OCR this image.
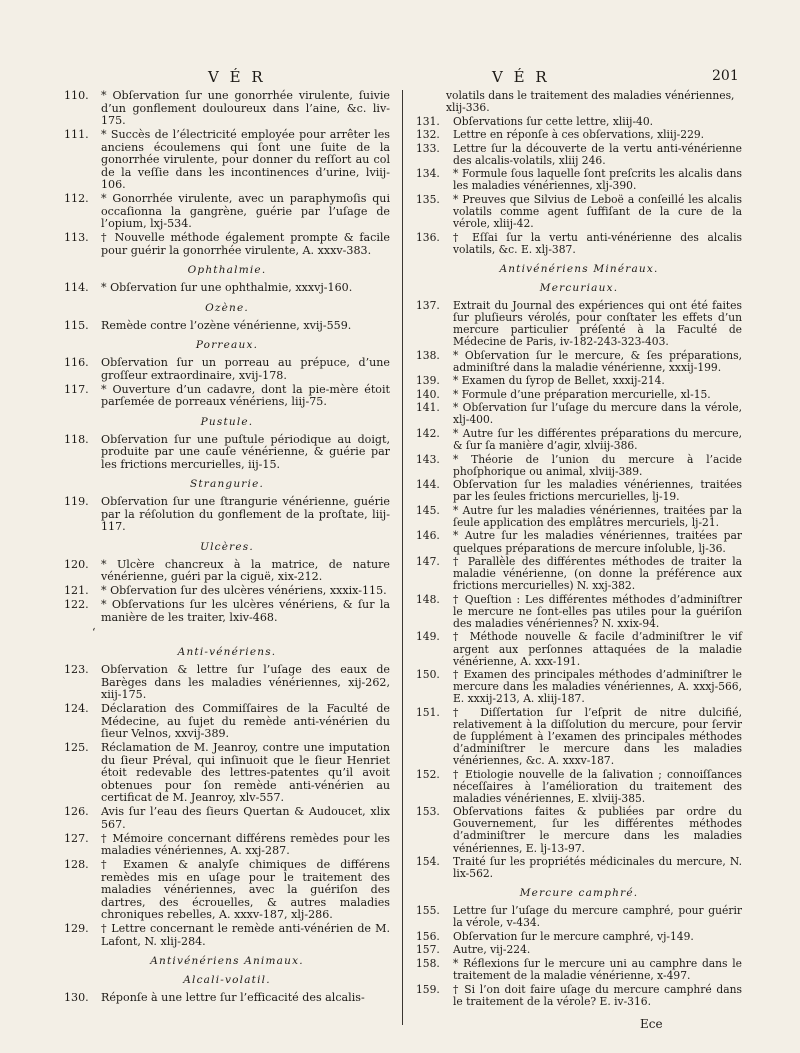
V É R	V É R	201
110. * Obſervation ſur une gonorrhée virulente, ſuivie d’un gonflement douloureux dans l’aine, &c. liv-175.
111. * Succès de l’électricité employée pour arrêter les anciens écoulemens qui ſont une ſuite de la gonorrhée virulente, pour donner du reſſort au col de la veſſie dans les incontinences d’urine, lviij-106.
112. * Gonorrhée virulente, avec un paraphymoſis qui occaſionna la gangrène, guérie par l’uſage de l’opium, lxj-534.
113. † Nouvelle méthode également prompte & facile pour guérir la gonorrhée virulente, A. xxxv-383.
Ophthalmie.
114. * Obſervation ſur une ophthalmie, xxxvj-160.
Ozène.
115. Remède contre l’ozène vénérienne, xvij-559.
Porreaux.
116. Obſervation ſur un porreau au prépuce, d’une groſſeur extraordinaire, xvij-178.
117. * Ouverture d’un cadavre, dont la pie-mère étoit parſemée de porreaux vénériens, liij-75.
Pustule.
118. Obſervation ſur une puſtule périodique au doigt, produite par une cauſe vénérienne, & guérie par les frictions mercurielles, iij-15.
Strangurie.
119. Obſervation ſur une ſtrangurie vénérienne, guérie par la réſolution du gonflement de la proſtate, liij-117.
Ulcères.
120. * Ulcère chancreux à la matrice, de nature vénérienne, guéri par la ciguë, xix-212.
121. * Obſervation ſur des ulcères vénériens, xxxix-115.
122. * Obſervations ſur les ulcères vénériens, & ſur la manière de les traiter, lxiv-468.
‘
Anti-vénériens.
123. Obſervation & lettre ſur l’uſage des eaux de Barèges dans les maladies vénériennes, xij-262, xiij-175.
124. Déclaration des Commiſſaires de la Faculté de Médecine, au ſujet du remède anti-vénérien du ſieur Velnos, xxvij-389.
125. Réclamation de M. Jeanroy, contre une imputation du ſieur Préval, qui inſinuoit que le ſieur Henriet étoit redevable des lettres-patentes qu’il avoit obtenues pour ſon remède anti-vénérien au certificat de M. Jeanroy, xlv-557.
126. Avis ſur l’eau des ſieurs Quertan & Audoucet, xlix 567.
127. † Mémoire concernant différens remèdes pour les maladies vénériennes, A. xxj-287.
128. † Examen & analyſe chimiques de différens remèdes mis en uſage pour le traitement des maladies vénériennes, avec la guériſon des dartres, des écrouelles, & autres maladies chroniques rebelles, A. xxxv-187, xlj-286.
129. † Lettre concernant le remède anti-vénérien de M. Lafont, N. xlij-284.
Antivénériens Animaux.
Alcali-volatil.
130. Réponſe à une lettre ſur l’efficacité des alcalis-
volatils dans le traitement des maladies vénériennes, xlij-336.
131. Obſervations ſur cette lettre, xliij-40.
132. Lettre en réponſe à ces obſervations, xliij-229.
133. Lettre ſur la découverte de la vertu anti-vénérienne des alcalis-volatils, xliij 246.
134. * Formule ſous laquelle ſont preſcrits les alcalis dans les maladies vénériennes, xlj-390.
135. * Preuves que Silvius de Leboë a conſeillé les alcalis volatils comme agent ſuffiſant de la cure de la vérole, xliij-42.
136. † Eſſai ſur la vertu anti-vénérienne des alcalis volatils, &c. E. xlj-387.
Antivénériens Minéraux.
Mercuriaux.
137. Extrait du Journal des expériences qui ont été faites ſur pluſieurs vérolés, pour conſtater les effets d’un mercure particulier préſenté à la Faculté de Médecine de Paris, iv-182-243-323-403.
138. * Obſervation ſur le mercure, & ſes préparations, adminiſtré dans la maladie vénérienne, xxxij-199.
139. * Examen du ſyrop de Bellet, xxxij-214.
140. * Formule d’une préparation mercurielle, xl-15.
141. * Obſervation ſur l’uſage du mercure dans la vérole, xlj-400.
142. * Autre ſur les différentes préparations du mercure, & ſur ſa manière d’agir, xlviij-386.
143. * Théorie de l’union du mercure à l’acide phoſphorique ou animal, xlviij-389.
144. Obſervation ſur les maladies vénériennes, traitées par les ſeules frictions mercurielles, lj-19.
145. * Autre ſur les maladies vénériennes, traitées par la ſeule application des emplâtres mercuriels, lj-21.
146. * Autre ſur les maladies vénériennes, traitées par quelques préparations de mercure inſoluble, lj-36.
147. † Parallèle des différentes méthodes de traiter la maladie vénérienne, (on donne la préférence aux frictions mercurielles) N. xxj-382.
148. † Queſtion : Les différentes méthodes d’adminiſtrer le mercure ne ſont-elles pas utiles pour la guériſon des maladies vénériennes? N. xxix-94.
149. † Méthode nouvelle & facile d’adminiſtrer le vif argent aux perſonnes attaquées de la maladie vénérienne, A. xxx-191.
150. † Examen des principales méthodes d’adminiſtrer le mercure dans les maladies vénériennes, A. xxxj-566, E. xxxij-213, A. xliij-187.
151. † Diſſertation ſur l’eſprit de nitre dulcifié, relativement à la diſſolution du mercure, pour ſervir de ſupplément à l’examen des principales méthodes d’adminiſtrer le mercure dans les maladies vénériennes, &c. A. xxxv-187.
152. † Etiologie nouvelle de la ſalivation ; connoiſſances néceſſaires à l’amélioration du traitement des maladies vénériennes, E. xlviij-385.
153. Obſervations faites & publiées par ordre du Gouvernement, ſur les différentes méthodes d’adminiſtrer le mercure dans les maladies vénériennes, E. lj-13-97.
154. Traité ſur les propriétés médicinales du mercure, N. lix-562.
Mercure camphré.
155. Lettre ſur l’uſage du mercure camphré, pour guérir la vérole, v-434.
156. Obſervation ſur le mercure camphré, vj-149.
157. Autre, vij-224.
158. * Réflexions ſur le mercure uni au camphre dans le traitement de la maladie vénérienne, x-497.
159. † Si l’on doit faire uſage du mercure camphré dans le traitement de la vérole? E. iv-316.
Ece
